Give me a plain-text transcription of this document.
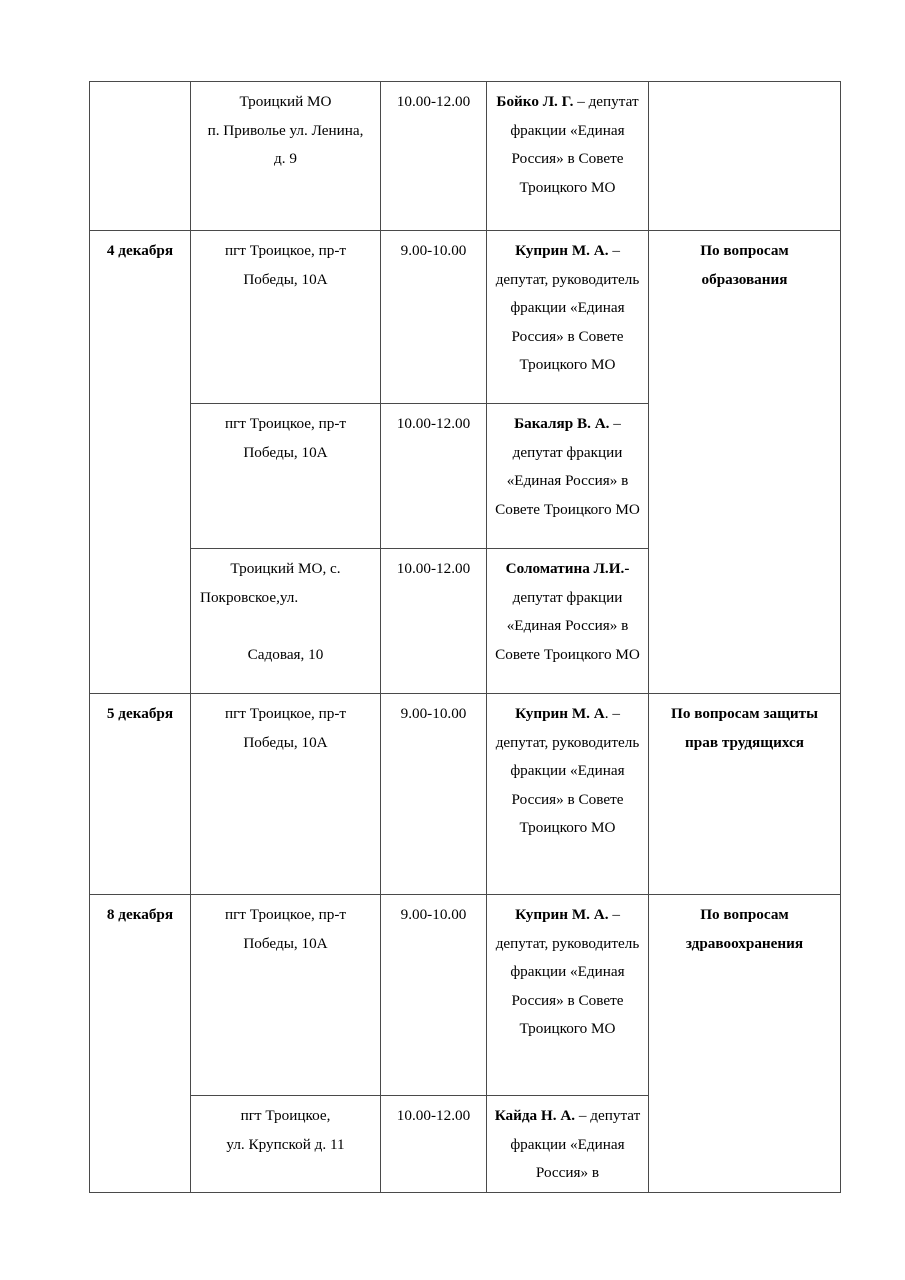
	Троицкий МО
п. Приволье ул. Ленина,
д. 9	10.00-12.00	Бойко Л. Г. – депутат фракции «Единая Россия» в Совете Троицкого МО	

4 декабря	пгт Троицкое, пр-т
Победы, 10А	9.00-10.00	Куприн М. А. – депутат, руководитель фракции «Единая Россия» в Совете Троицкого МО	По вопросам образования

	пгт Троицкое, пр-т
Победы, 10А	10.00-12.00	Бакаляр В. А. – депутат фракции «Единая Россия» в Совете Троицкого МО	

	Троицкий МО, с.
Покровское,ул.
Садовая, 10	10.00-12.00	Соломатина Л.И.- депутат фракции «Единая Россия» в Совете Троицкого МО	

5 декабря	пгт Троицкое, пр-т
Победы, 10А	9.00-10.00	Куприн М. А. – депутат, руководитель фракции «Единая Россия» в Совете Троицкого МО	По вопросам защиты прав трудящихся

8 декабря	пгт Троицкое, пр-т
Победы, 10А	9.00-10.00	Куприн М. А. – депутат, руководитель фракции «Единая Россия» в Совете Троицкого МО	По вопросам здравоохранения

	пгт Троицкое,
ул. Крупской д. 11	10.00-12.00	Кайда Н. А. – депутат фракции «Единая Россия» в	
